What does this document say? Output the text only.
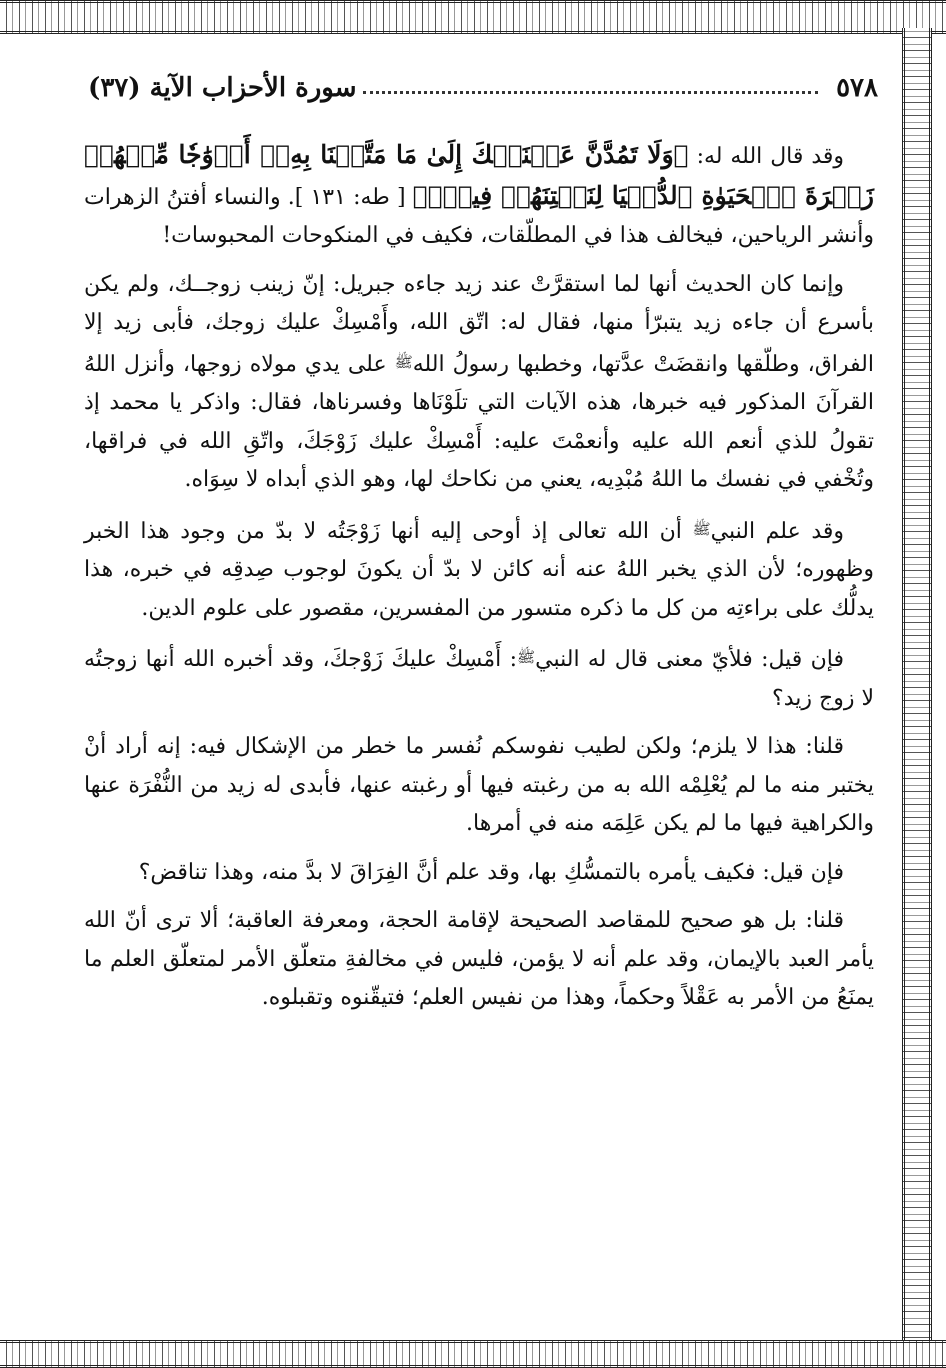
٥٧٨
سورة الأحزاب الآية (٣٧)

وقد قال الله له: ﴿وَلَا تَمُدَّنَّ عَيۡنَيۡكَ إِلَىٰ مَا مَتَّعۡنَا بِهِۦٓ أَزۡوَٰجٗا مِّنۡهُمۡ زَهۡرَةَ ٱلۡحَيَوٰةِ ٱلدُّنۡيَا لِنَفۡتِنَهُمۡ فِيهِۚ﴾ [ طه: ١٣١ ]. والنساء أفتنُ الزهرات وأنشر الرياحين، فيخالف هذا في المطلّقات، فكيف في المنكوحات المحبوسات!

وإنما كان الحديث أنها لما استقرَّتْ عند زيد جاءه جبريل: إنّ زينب زوجــك، ولم يكن بأسرع أن جاءه زيد يتبرّأ منها، فقال له: اتّق الله، وأَمْسِكْ عليك زوجك، فأبى زيد إلا الفراق، وطلّقها وانقضَتْ عدَّتها، وخطبها رسولُ اللهﷺ على يدي مولاه زوجها، وأنزل اللهُ القرآنَ المذكور فيه خبرها، هذه الآيات التي تلَوْنَاها وفسرناها، فقال: واذكر يا محمد إذ تقولُ للذي أنعم الله عليه وأنعمْتَ عليه: أَمْسِكْ عليك زَوْجَكَ، واتّقِ الله في فراقها، وتُخْفي في نفسك ما اللهُ مُبْدِيه، يعني من نكاحك لها، وهو الذي أبداه لا سِوَاه.

وقد علم النبيﷺ أن الله تعالى إذ أوحى إليه أنها زَوْجَتُه لا بدّ من وجود هذا الخبر وظهوره؛ لأن الذي يخبر اللهُ عنه أنه كائن لا بدّ أن يكونَ لوجوب صِدقِه في خبره، هذا يدلُّك على براءتِه من كل ما ذكره متسور من المفسرين، مقصور على علوم الدين.

فإن قيل: فلأيّ معنى قال له النبيﷺ: أَمْسِكْ عليكَ زَوْجكَ، وقد أخبره الله أنها زوجتُه لا زوج زيد؟

قلنا: هذا لا يلزم؛ ولكن لطيب نفوسكم نُفسر ما خطر من الإشكال فيه: إنه أراد أنْ يختبر منه ما لم يُعْلِمْه الله به من رغبته فيها أو رغبته عنها، فأبدى له زيد من النُّفْرَة عنها والكراهية فيها ما لم يكن عَلِمَه منه في أمرها.

فإن قيل: فكيف يأمره بالتمسُّكِ بها، وقد علم أنَّ الفِرَاقَ لا بدَّ منه، وهذا تناقض؟

قلنا: بل هو صحيح للمقاصد الصحيحة لإقامة الحجة، ومعرفة العاقبة؛ ألا ترى أنّ الله يأمر العبد بالإيمان، وقد علم أنه لا يؤمن، فليس في مخالفةِ متعلّق الأمر لمتعلّق العلم ما يمنَعُ من الأمر به عَقْلاً وحكماً، وهذا من نفيس العلم؛ فتيقّنوه وتقبلوه.
